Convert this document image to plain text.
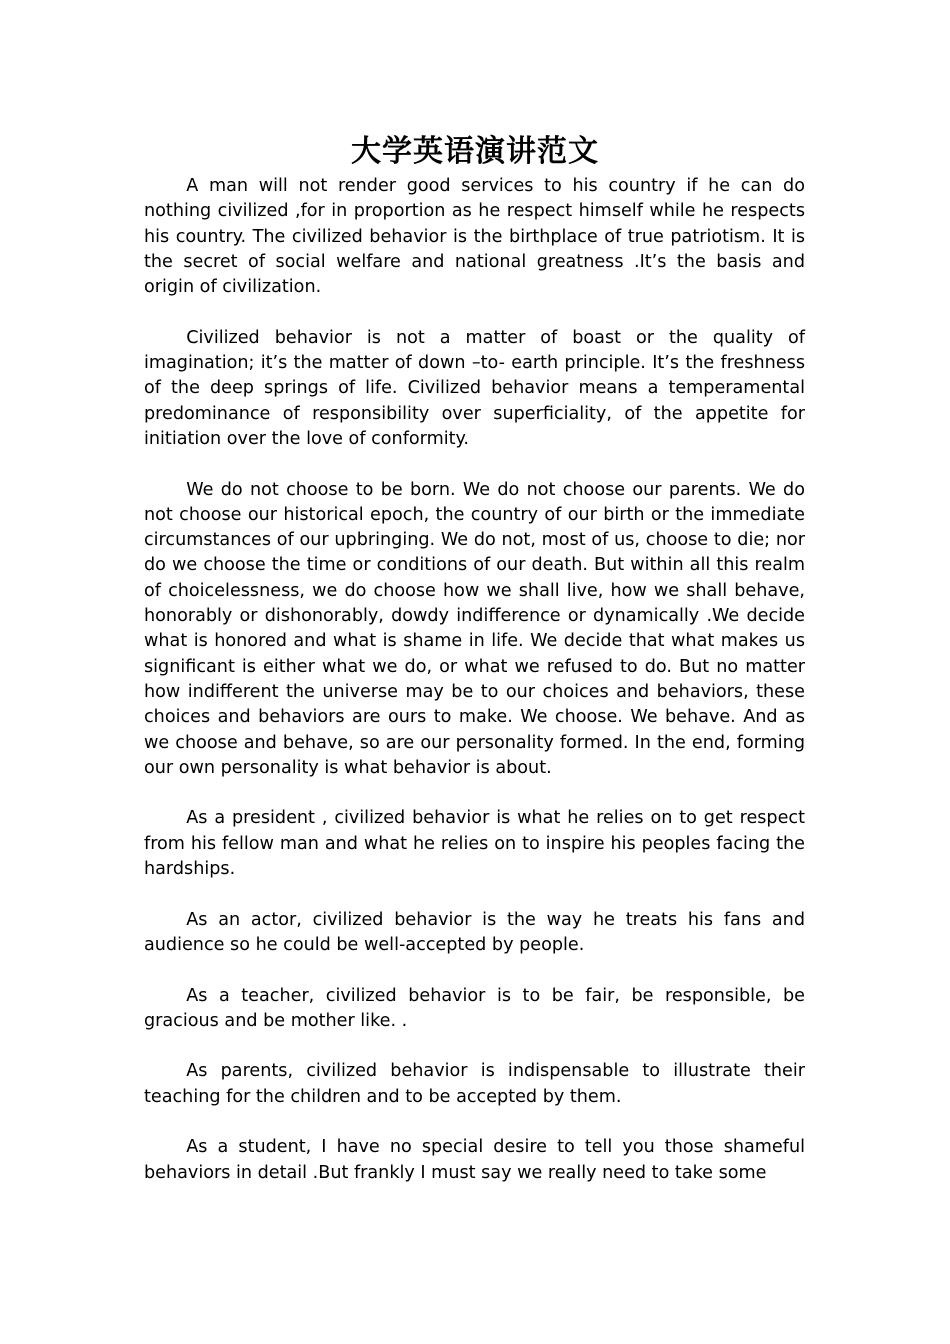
大学英语演讲范文

A man will not render good services to his country if he can do nothing civilized ,for in proportion as he respect himself while he respects his country. The civilized behavior is the birthplace of true patriotism. It is the secret of social welfare and national greatness .It’s the basis and origin of civilization.

Civilized behavior is not a matter of boast or the quality of imagination; it’s the matter of down –to- earth principle. It’s the freshness of the deep springs of life. Civilized behavior means a temperamental predominance of responsibility over superficiality, of the appetite for initiation over the love of conformity.

We do not choose to be born. We do not choose our parents. We do not choose our historical epoch, the country of our birth or the immediate circumstances of our upbringing. We do not, most of us, choose to die; nor do we choose the time or conditions of our death. But within all this realm of choicelessness, we do choose how we shall live, how we shall behave, honorably or dishonorably, dowdy indifference or dynamically .We decide what is honored and what is shame in life. We decide that what makes us significant is either what we do, or what we refused to do. But no matter how indifferent the universe may be to our choices and behaviors, these choices and behaviors are ours to make. We choose. We behave. And as we choose and behave, so are our personality formed. In the end, forming our own personality is what behavior is about.

As a president , civilized behavior is what he relies on to get respect from his fellow man and what he relies on to inspire his peoples facing the hardships.

As an actor, civilized behavior is the way he treats his fans and audience so he could be well-accepted by people.

As a teacher, civilized behavior is to be fair, be responsible, be gracious and be mother like. .

As parents, civilized behavior is indispensable to illustrate their teaching for the children and to be accepted by them.

As a student, I have no special desire to tell you those shameful behaviors in detail .But frankly I must say we really need to take some
